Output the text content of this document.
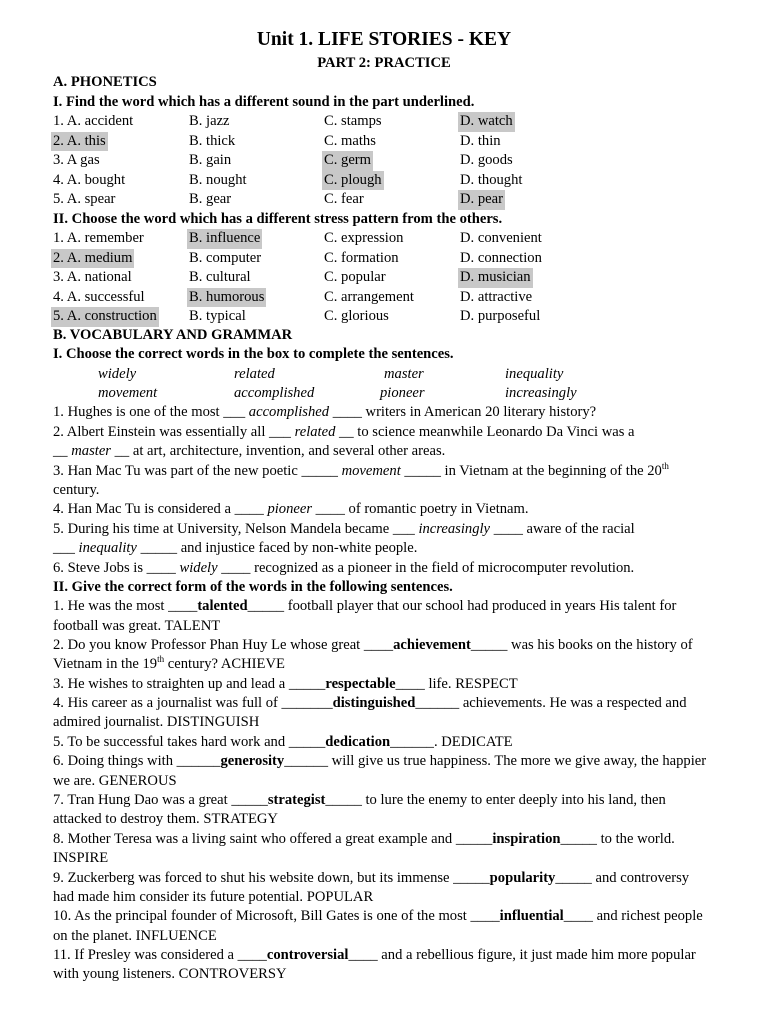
Unit 1. LIFE STORIES - KEY
PART 2: PRACTICE
A. PHONETICS
I. Find the word which has a different sound in the part underlined.
1. A. accident	B. jazz	C. stamps	D. watch
2. A. this	B. thick	C. maths	D. thin
3. A gas	B. gain	C. germ	D. goods
4. A. bought	B. nought	C. plough	D. thought
5. A. spear	B. gear	C. fear	D. pear
II. Choose the word which has a different stress pattern from the others.
1. A. remember	B. influence	C. expression	D. convenient
2. A. medium	B. computer	C. formation	D. connection
3. A. national	B. cultural	C. popular	D. musician
4. A. successful	B. humorous	C. arrangement	D. attractive
5. A. construction B. typical	C. glorious	D. purposeful
B. VOCABULARY AND GRAMMAR
I. Choose the correct words in the box to complete the sentences.
widely	related	master	inequality
movement	accomplished	pioneer	increasingly
1. Hughes is one of the most ___ accomplished ____ writers in American 20 literary history?
2. Albert Einstein was essentially all ___ related __ to science meanwhile Leonardo Da Vinci was a
__ master __ at art, architecture, invention, and several other areas.
3. Han Mac Tu was part of the new poetic _____ movement _____ in Vietnam at the beginning of the 20th
century.
4. Han Mac Tu is considered a ____ pioneer ____ of romantic poetry in Vietnam.
5. During his time at University, Nelson Mandela became ___ increasingly ____ aware of the racial
___ inequality _____ and injustice faced by non-white people.
6. Steve Jobs is ____ widely ____ recognized as a pioneer in the field of microcomputer revolution.
II. Give the correct form of the words in the following sentences.
1. He was the most ____talented_____ football player that our school had produced in years His talent for
football was great. TALENT
2. Do you know Professor Phan Huy Le whose great ____achievement_____ was his books on the history of
Vietnam in the 19th century? ACHIEVE
3. He wishes to straighten up and lead a _____respectable____ life. RESPECT
4. His career as a journalist was full of _______distinguished______ achievements. He was a respected and
admired journalist. DISTINGUISH
5. To be successful takes hard work and _____dedication______. DEDICATE
6. Doing things with ______generosity______ will give us true happiness. The more we give away, the happier
we are. GENEROUS
7. Tran Hung Dao was a great _____strategist_____ to lure the enemy to enter deeply into his land, then
attacked to destroy them. STRATEGY
8. Mother Teresa was a living saint who offered a great example and _____inspiration_____ to the world.
INSPIRE
9. Zuckerberg was forced to shut his website down, but its immense _____popularity_____ and controversy
had made him consider its future potential. POPULAR
10. As the principal founder of Microsoft, Bill Gates is one of the most ____influential____ and richest people
on the planet. INFLUENCE
11. If Presley was considered a ____controversial____ and a rebellious figure, it just made him more popular
with young listeners. CONTROVERSY
